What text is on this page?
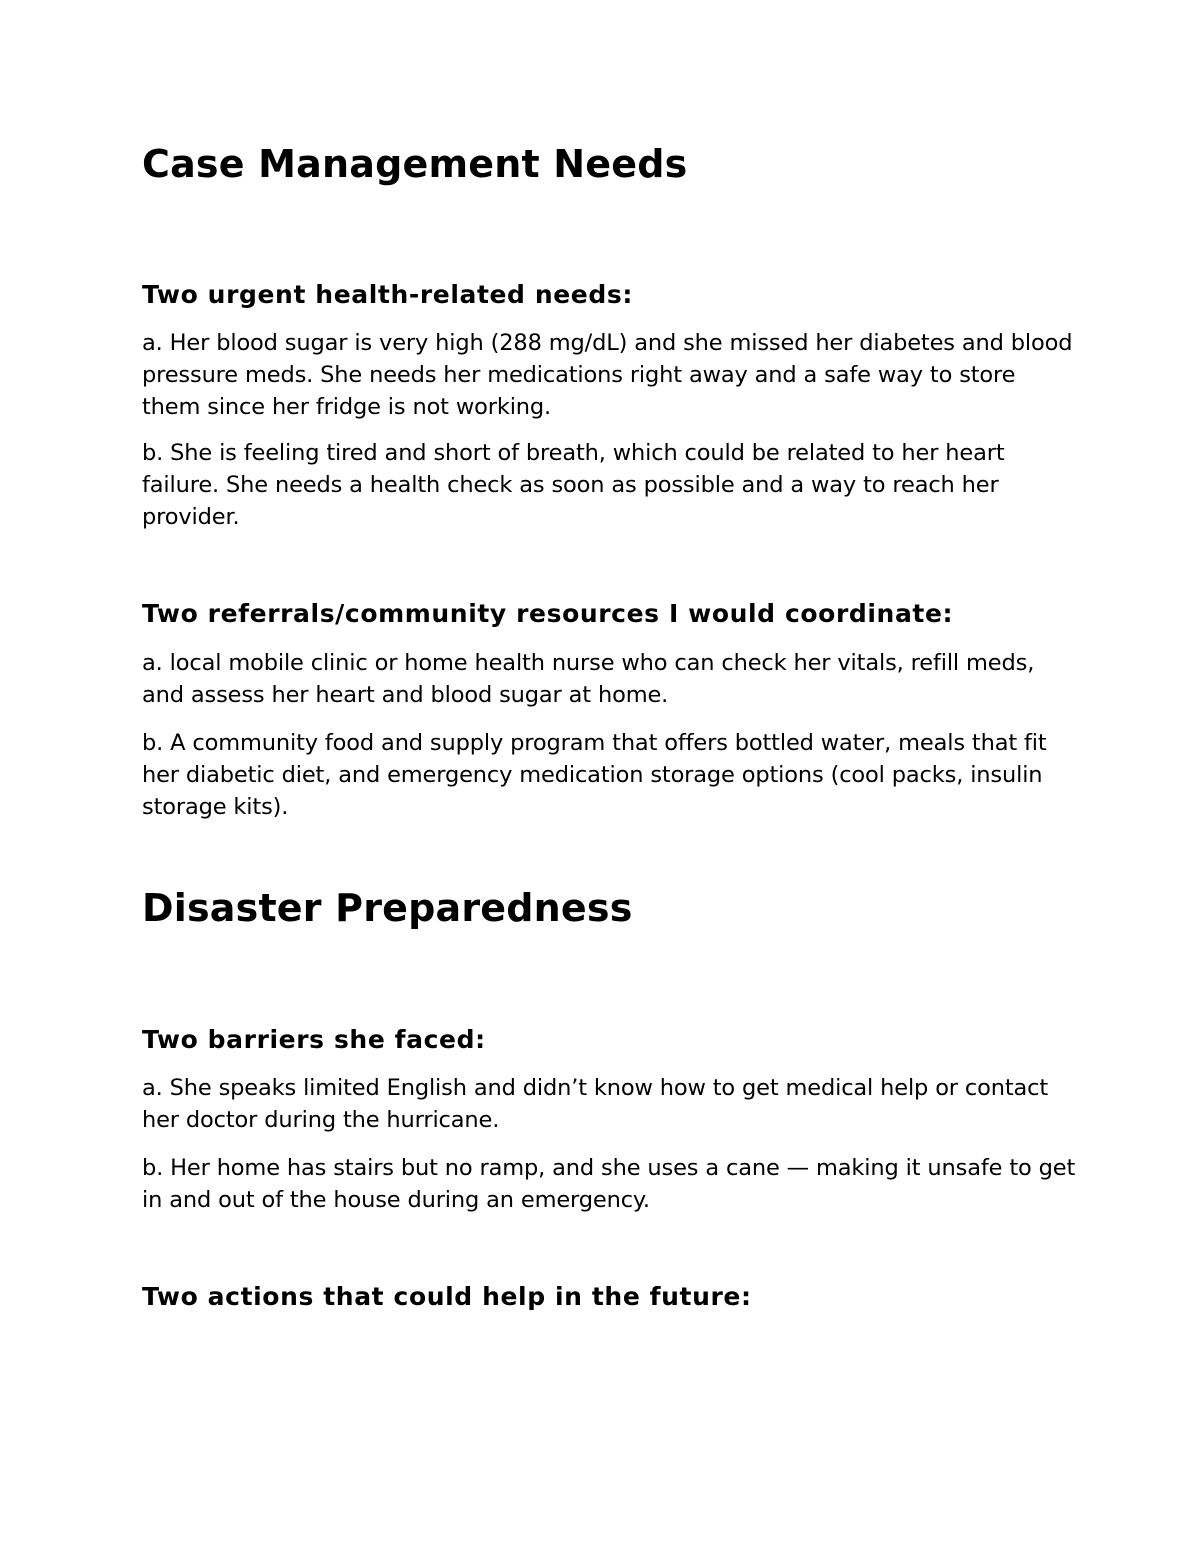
Case Management Needs
Two urgent health-related needs:

a. Her blood sugar is very high (288 mg/dL) and she missed her diabetes and blood pressure meds. She needs her medications right away and a safe way to store them since her fridge is not working.

b. She is feeling tired and short of breath, which could be related to her heart failure. She needs a health check as soon as possible and a way to reach her provider.

Two referrals/community resources I would coordinate:

a. local mobile clinic or home health nurse who can check her vitals, refill meds, and assess her heart and blood sugar at home.

b. A community food and supply program that offers bottled water, meals that fit her diabetic diet, and emergency medication storage options (cool packs, insulin storage kits).

Disaster Preparedness
Two barriers she faced:

a. She speaks limited English and didn’t know how to get medical help or contact her doctor during the hurricane.

b. Her home has stairs but no ramp, and she uses a cane — making it unsafe to get in and out of the house during an emergency.

Two actions that could help in the future:
